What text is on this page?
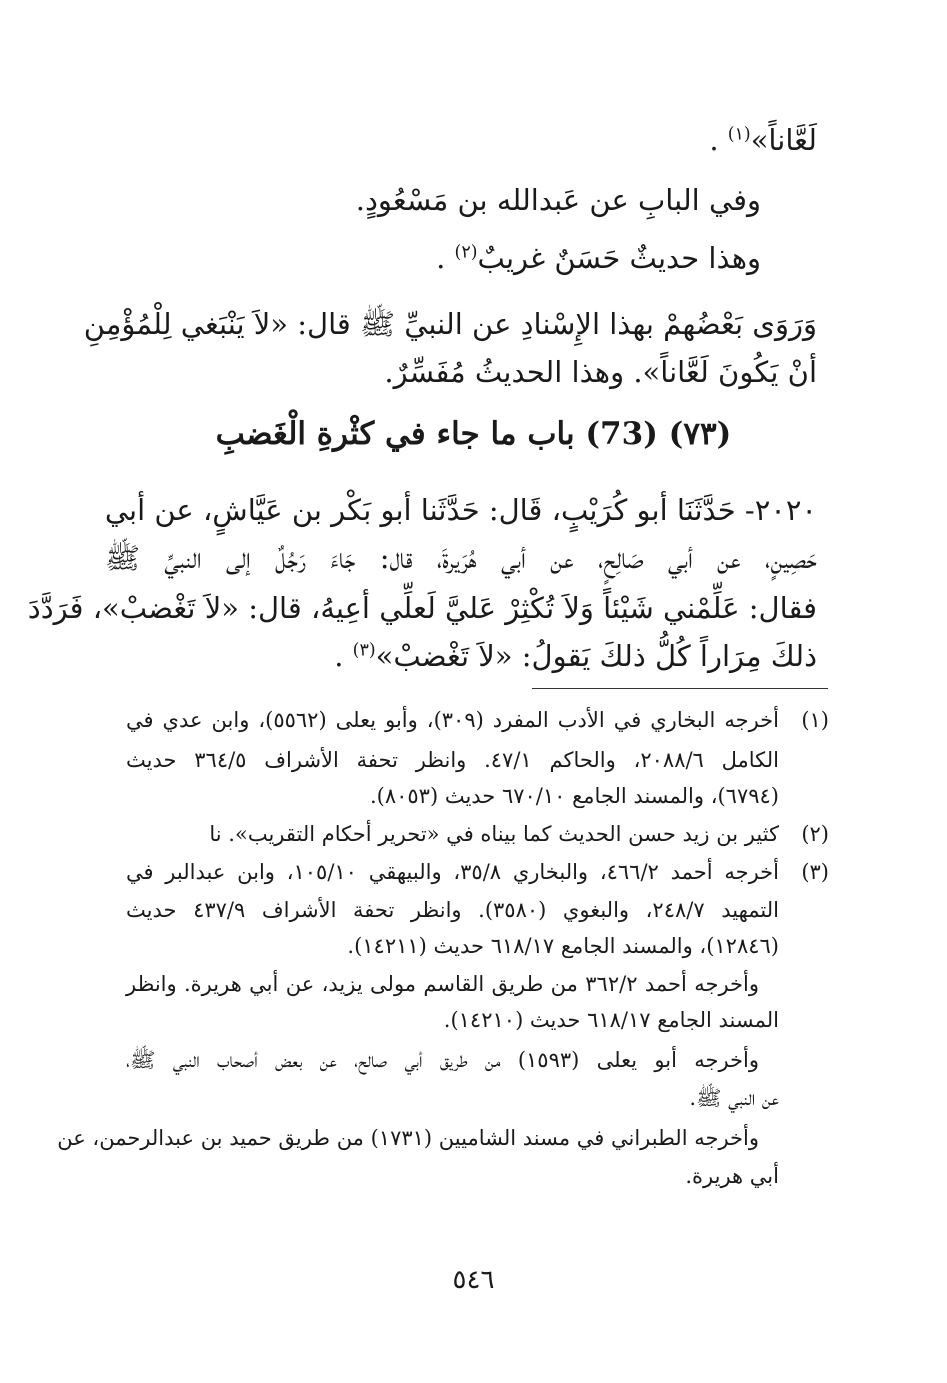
لَعَّاناً»$^{(١)}$ .
وفي البابِ عن عَبدالله بن مَسْعُودٍ.
وهذا حديثٌ حَسَنٌ غريبٌ$^{(٢)}$ .
وَرَوَى بَعْضُهمْ بهذا الإِسْنادِ عن النبيِّ ﷺ قال: «لاَ يَنْبَغي لِلْمُؤْمِنِ
أنْ يَكُونَ لَعَّاناً». وهذا الحديثُ مُفَسِّرٌ.
(٧٣) (73) باب ما جاء في كثْرةِ الْغَضبِ
٢٠٢٠- حَدَّثَنَا أبو كُرَيْبٍ، قَال: حَدَّثَنا أبو بَكْر بن عَيَّاشٍ، عن أبي
حَصِينٍ، عن أبي صَالِحٍ، عن أبي هُرَيرةَ، قال: جَاءَ رَجُلٌ إلى النبيِّ ﷺ
فقال: عَلِّمْني شَيْئاً وَلاَ تُكْثِرْ عَليَّ لَعلِّي أعِيهُ، قال: «لاَ تَغْضبْ»، فَرَدَّدَ
ذلكَ مِرَاراً كُلُّ ذلكَ يَقولُ: «لاَ تَغْضبْ»$^{(٣)}$ .
(١)
أخرجه البخاري في الأدب المفرد (٣٠٩)، وأبو يعلى (٥٥٦٢)، وابن عدي في
الكامل ٢٠٨٨/٦، والحاكم ٤٧/١. وانظر تحفة الأشراف ٣٦٤/٥ حديث
(٦٧٩٤)، والمسند الجامع ٦٧٠/١٠ حديث (٨٠٥٣).
(٢)
كثير بن زيد حسن الحديث كما بيناه في «تحرير أحكام التقريب». نا
(٣)
أخرجه أحمد ٤٦٦/٢، والبخاري ٣٥/٨، والبيهقي ١٠٥/١٠، وابن عبدالبر في
التمهيد ٢٤٨/٧، والبغوي (٣٥٨٠). وانظر تحفة الأشراف ٤٣٧/٩ حديث
(١٢٨٤٦)، والمسند الجامع ٦١٨/١٧ حديث (١٤٢١١).
وأخرجه أحمد ٣٦٢/٢ من طريق القاسم مولى يزيد، عن أبي هريرة. وانظر
المسند الجامع ٦١٨/١٧ حديث (١٤٢١٠).
وأخرجه أبو يعلى (١٥٩٣) من طريق أبي صالح، عن بعض أصحاب النبي ﷺ،
عن النبي ﷺ.
وأخرجه الطبراني في مسند الشاميين (١٧٣١) من طريق حميد بن عبدالرحمن، عن
أبي هريرة.
٥٤٦
